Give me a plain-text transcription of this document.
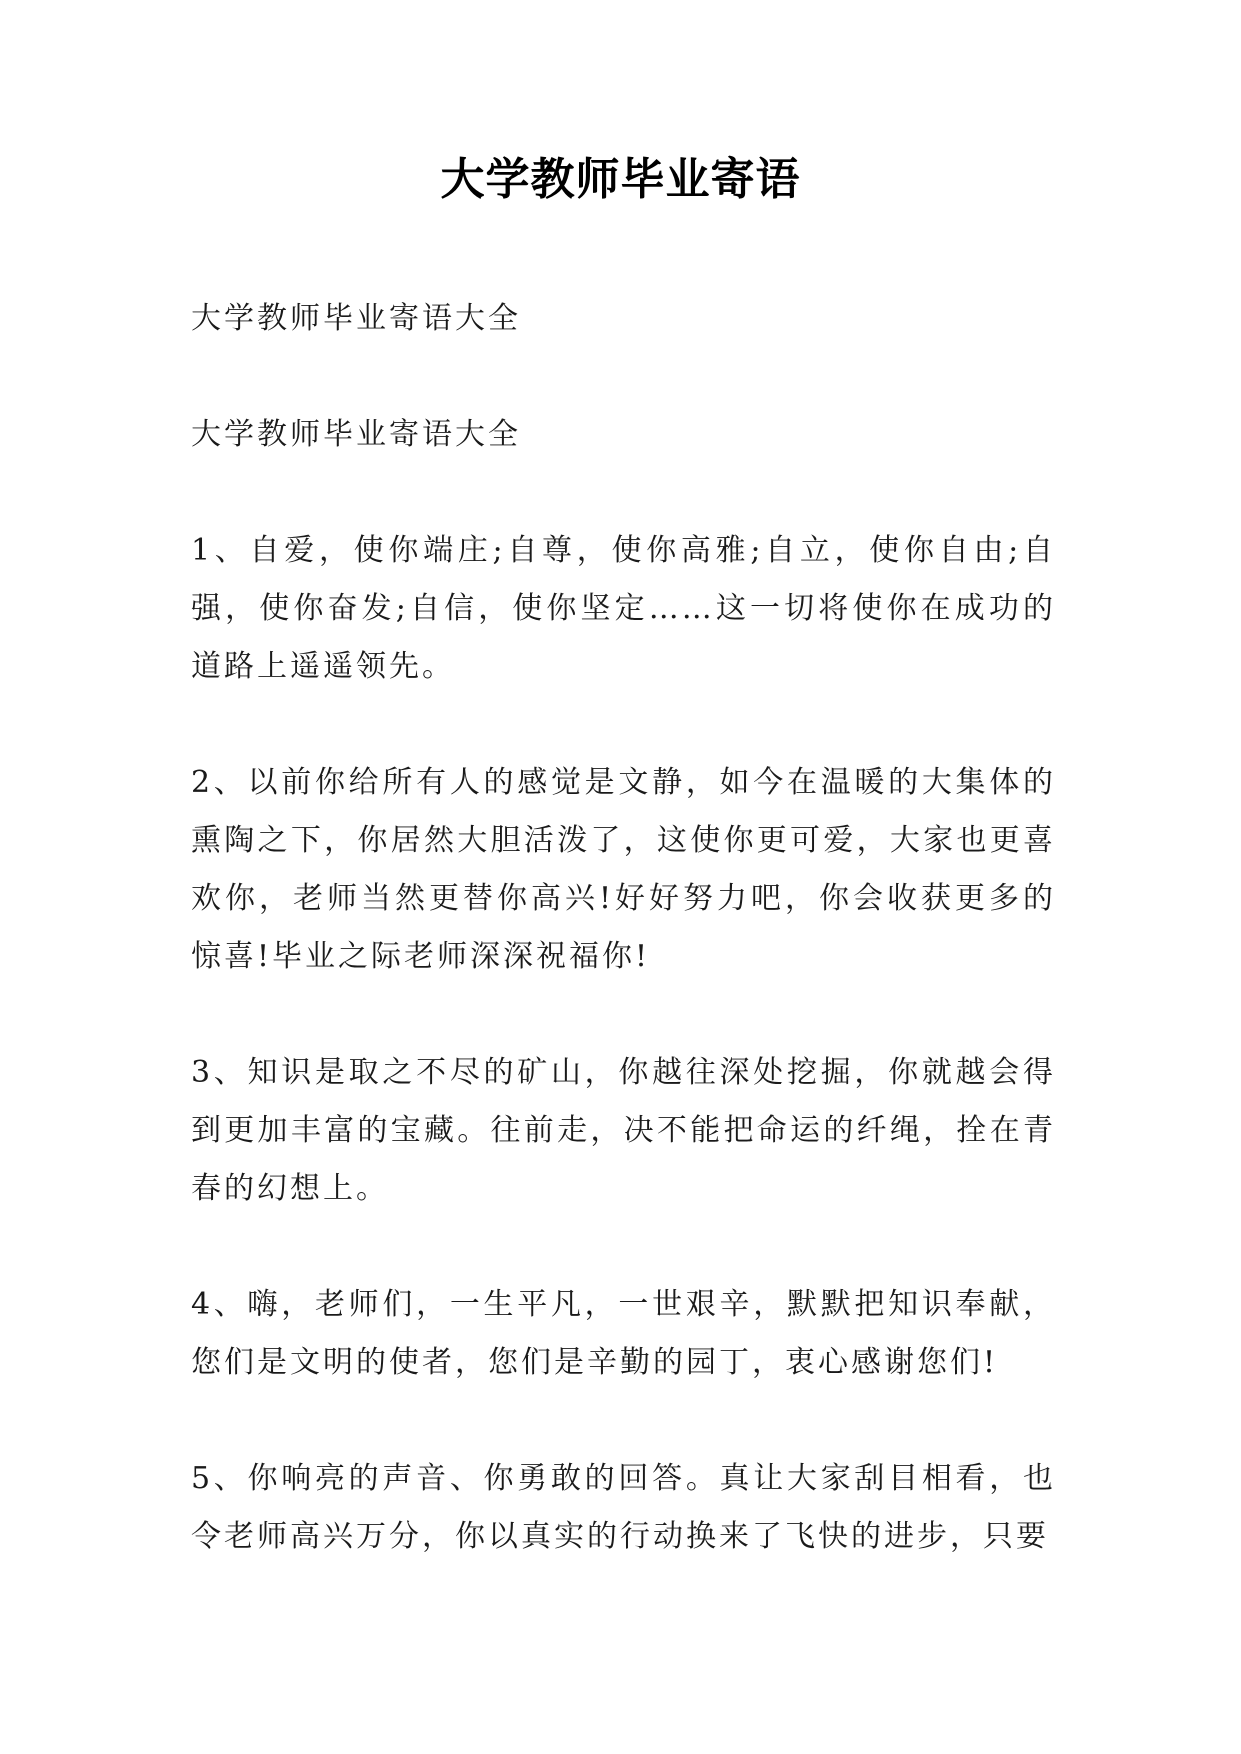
大学教师毕业寄语

大学教师毕业寄语大全

大学教师毕业寄语大全

1、自爱，使你端庄;自尊，使你高雅;自立，使你自由;自强，使你奋发;自信，使你坚定……这一切将使你在成功的道路上遥遥领先。

2、以前你给所有人的感觉是文静，如今在温暖的大集体的熏陶之下，你居然大胆活泼了，这使你更可爱，大家也更喜欢你，老师当然更替你高兴!好好努力吧，你会收获更多的惊喜!毕业之际老师深深祝福你!

3、知识是取之不尽的矿山，你越往深处挖掘，你就越会得到更加丰富的宝藏。往前走，决不能把命运的纤绳，拴在青春的幻想上。

4、嗨，老师们，一生平凡，一世艰辛，默默把知识奉献，您们是文明的使者，您们是辛勤的园丁，衷心感谢您们!

5、你响亮的声音、你勇敢的回答。真让大家刮目相看，也令老师高兴万分，你以真实的行动换来了飞快的进步，只要
